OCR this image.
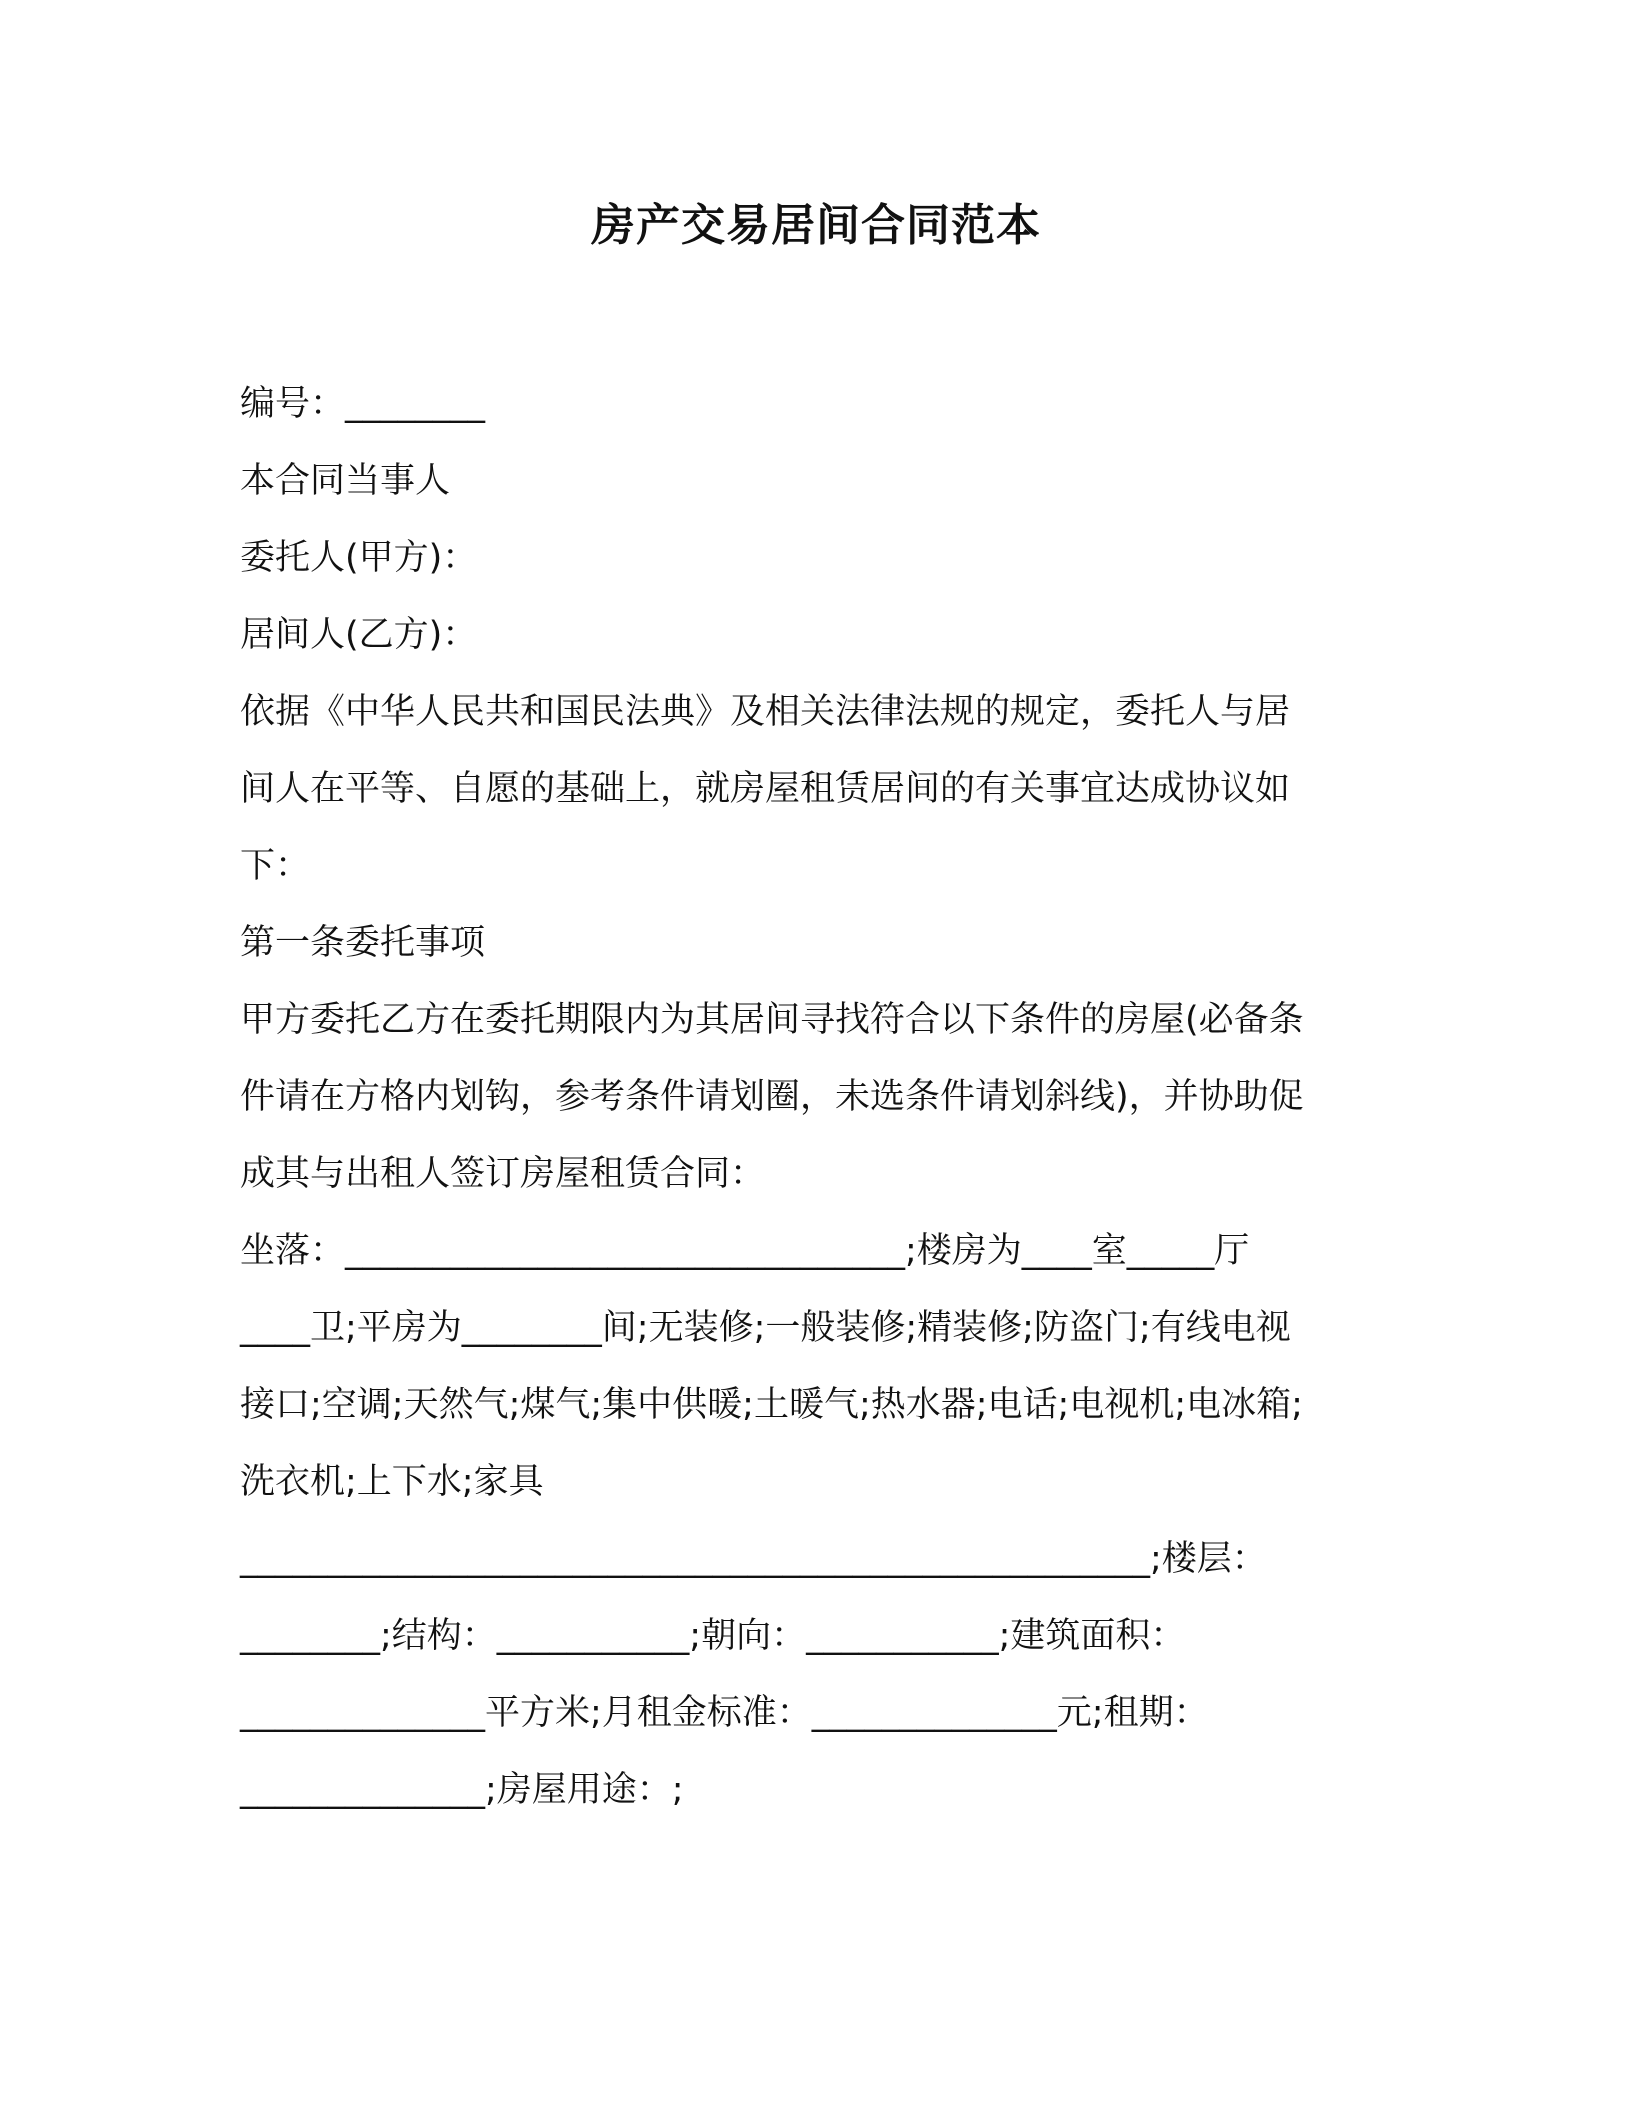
房产交易居间合同范本

编号：________

本合同当事人

委托人(甲方)：

居间人(乙方)：

依据《中华人民共和国民法典》及相关法律法规的规定，委托人与居

间人在平等、自愿的基础上，就房屋租赁居间的有关事宜达成协议如

下：

第一条委托事项

甲方委托乙方在委托期限内为其居间寻找符合以下条件的房屋(必备条

件请在方格内划钩，参考条件请划圈，未选条件请划斜线)，并协助促

成其与出租人签订房屋租赁合同：

坐落：________________________________;楼房为____室_____厅

____卫;平房为________间;无装修;一般装修;精装修;防盗门;有线电视

接口;空调;天然气;煤气;集中供暖;土暖气;热水器;电话;电视机;电冰箱;

洗衣机;上下水;家具

____________________________________________________;楼层：

________;结构：___________;朝向：___________;建筑面积：

______________平方米;月租金标准：______________元;租期：

______________;房屋用途：;
